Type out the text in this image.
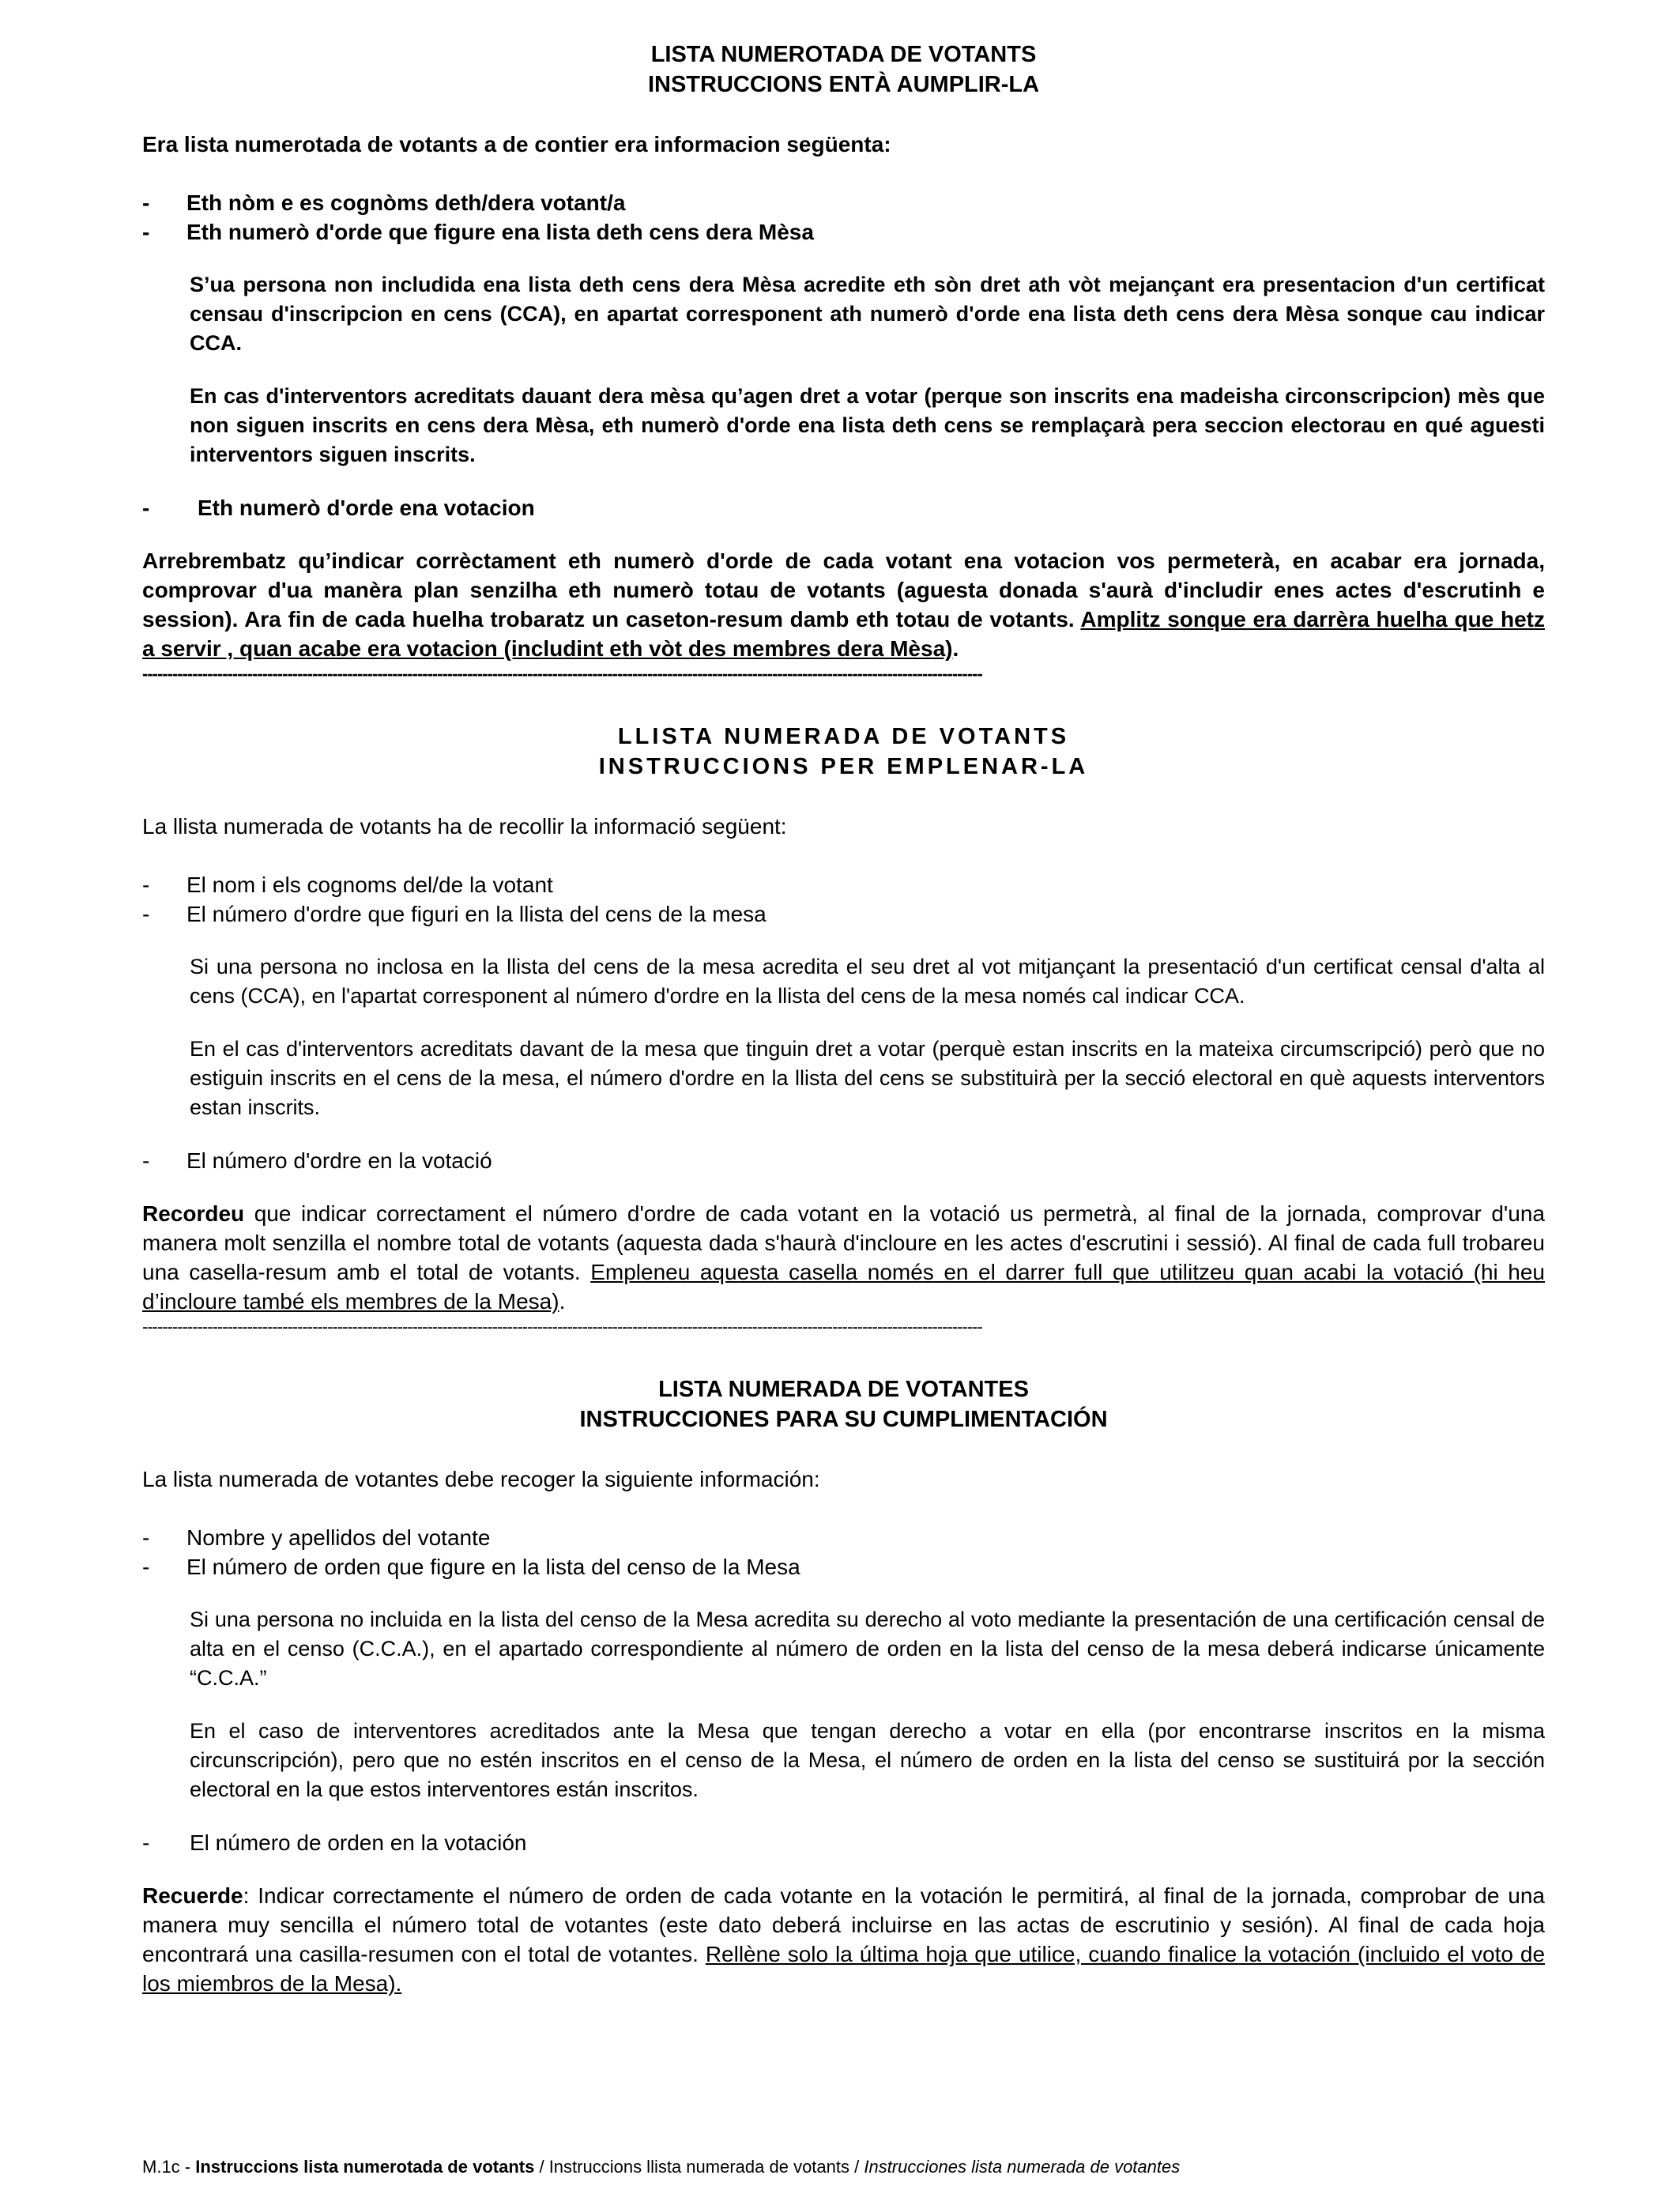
LISTA NUMEROTADA DE VOTANTS

INSTRUCCIONS ENTÀ AUMPLIR-LA

Era lista numerotada de votants a de contier era informacion següenta:

- Eth nòm e es cognòms deth/dera votant/a

- Eth numerò d'orde que figure ena lista deth cens dera Mèsa

S’ua persona non includida ena lista deth cens dera Mèsa acredite eth sòn dret ath vòt mejançant era presentacion d'un certificat censau d'inscripcion en cens (CCA), en apartat corresponent ath numerò d'orde ena lista deth cens dera Mèsa sonque cau indicar CCA.

En cas d'interventors acreditats dauant dera mèsa qu’agen dret a votar (perque son inscrits ena madeisha circonscripcion) mès que non siguen inscrits en cens dera Mèsa, eth numerò d'orde ena lista deth cens se remplaçarà pera seccion electorau en qué aguesti interventors siguen inscrits.

- Eth numerò d'orde ena votacion

Arrebrembatz qu’indicar corrèctament eth numerò d'orde de cada votant ena votacion vos permeterà, en acabar era jornada, comprovar d'ua manèra plan senzilha eth numerò totau de votants (aguesta donada s'aurà d'includir enes actes d'escrutinh e session). Ara fin de cada huelha trobaratz un caseton-resum damb eth totau de votants. Amplitz sonque era darrèra huelha que hetz a servir , quan acabe era votacion (includint eth vòt des membres dera Mèsa).

------------------------------------------------------------------------------------------------------------------------------------------------------------------------

LLISTA NUMERADA DE VOTANTS

INSTRUCCIONS PER EMPLENAR-LA

La llista numerada de votants ha de recollir la informació següent:

- El nom i els cognoms del/de la votant

- El número d'ordre que figuri en la llista del cens de la mesa

Si una persona no inclosa en la llista del cens de la mesa acredita el seu dret al vot mitjançant la presentació d'un certificat censal d'alta al cens (CCA), en l'apartat corresponent al número d'ordre en la llista del cens de la mesa només cal indicar CCA.

En el cas d'interventors acreditats davant de la mesa que tinguin dret a votar (perquè estan inscrits en la mateixa circumscripció) però que no estiguin inscrits en el cens de la mesa, el número d'ordre en la llista del cens se substituirà per la secció electoral en què aquests interventors estan inscrits.

- El número d'ordre en la votació

Recordeu que indicar correctament el número d'ordre de cada votant en la votació us permetrà, al final de la jornada, comprovar d'una manera molt senzilla el nombre total de votants (aquesta dada s'haurà d'incloure en les actes d'escrutini i sessió). Al final de cada full trobareu una casella-resum amb el total de votants. Empleneu aquesta casella només en el darrer full que utilitzeu quan acabi la votació (hi heu d’incloure també els membres de la Mesa).

------------------------------------------------------------------------------------------------------------------------------------------------------------------------

LISTA NUMERADA DE VOTANTES

INSTRUCCIONES PARA SU CUMPLIMENTACIÓN

La lista numerada de votantes debe recoger la siguiente información:

- Nombre y apellidos del votante

- El número de orden que figure en la lista del censo de la Mesa

Si una persona no incluida en la lista del censo de la Mesa acredita su derecho al voto mediante la presentación de una certificación censal de alta en el censo (C.C.A.), en el apartado correspondiente al número de orden en la lista del censo de la mesa deberá indicarse únicamente “C.C.A.”

En el caso de interventores acreditados ante la Mesa que tengan derecho a votar en ella (por encontrarse inscritos en la misma circunscripción), pero que no estén inscritos en el censo de la Mesa, el número de orden en la lista del censo se sustituirá por la sección electoral en la que estos interventores están inscritos.

- El número de orden en la votación

Recuerde: Indicar correctamente el número de orden de cada votante en la votación le permitirá, al final de la jornada, comprobar de una manera muy sencilla el número total de votantes (este dato deberá incluirse en las actas de escrutinio y sesión). Al final de cada hoja encontrará una casilla-resumen con el total de votantes. Rellène solo la última hoja que utilice, cuando finalice la votación (incluido el voto de los miembros de la Mesa).

M.1c - Instruccions lista numerotada de votants / Instruccions llista numerada de votants / Instrucciones lista numerada de votantes
